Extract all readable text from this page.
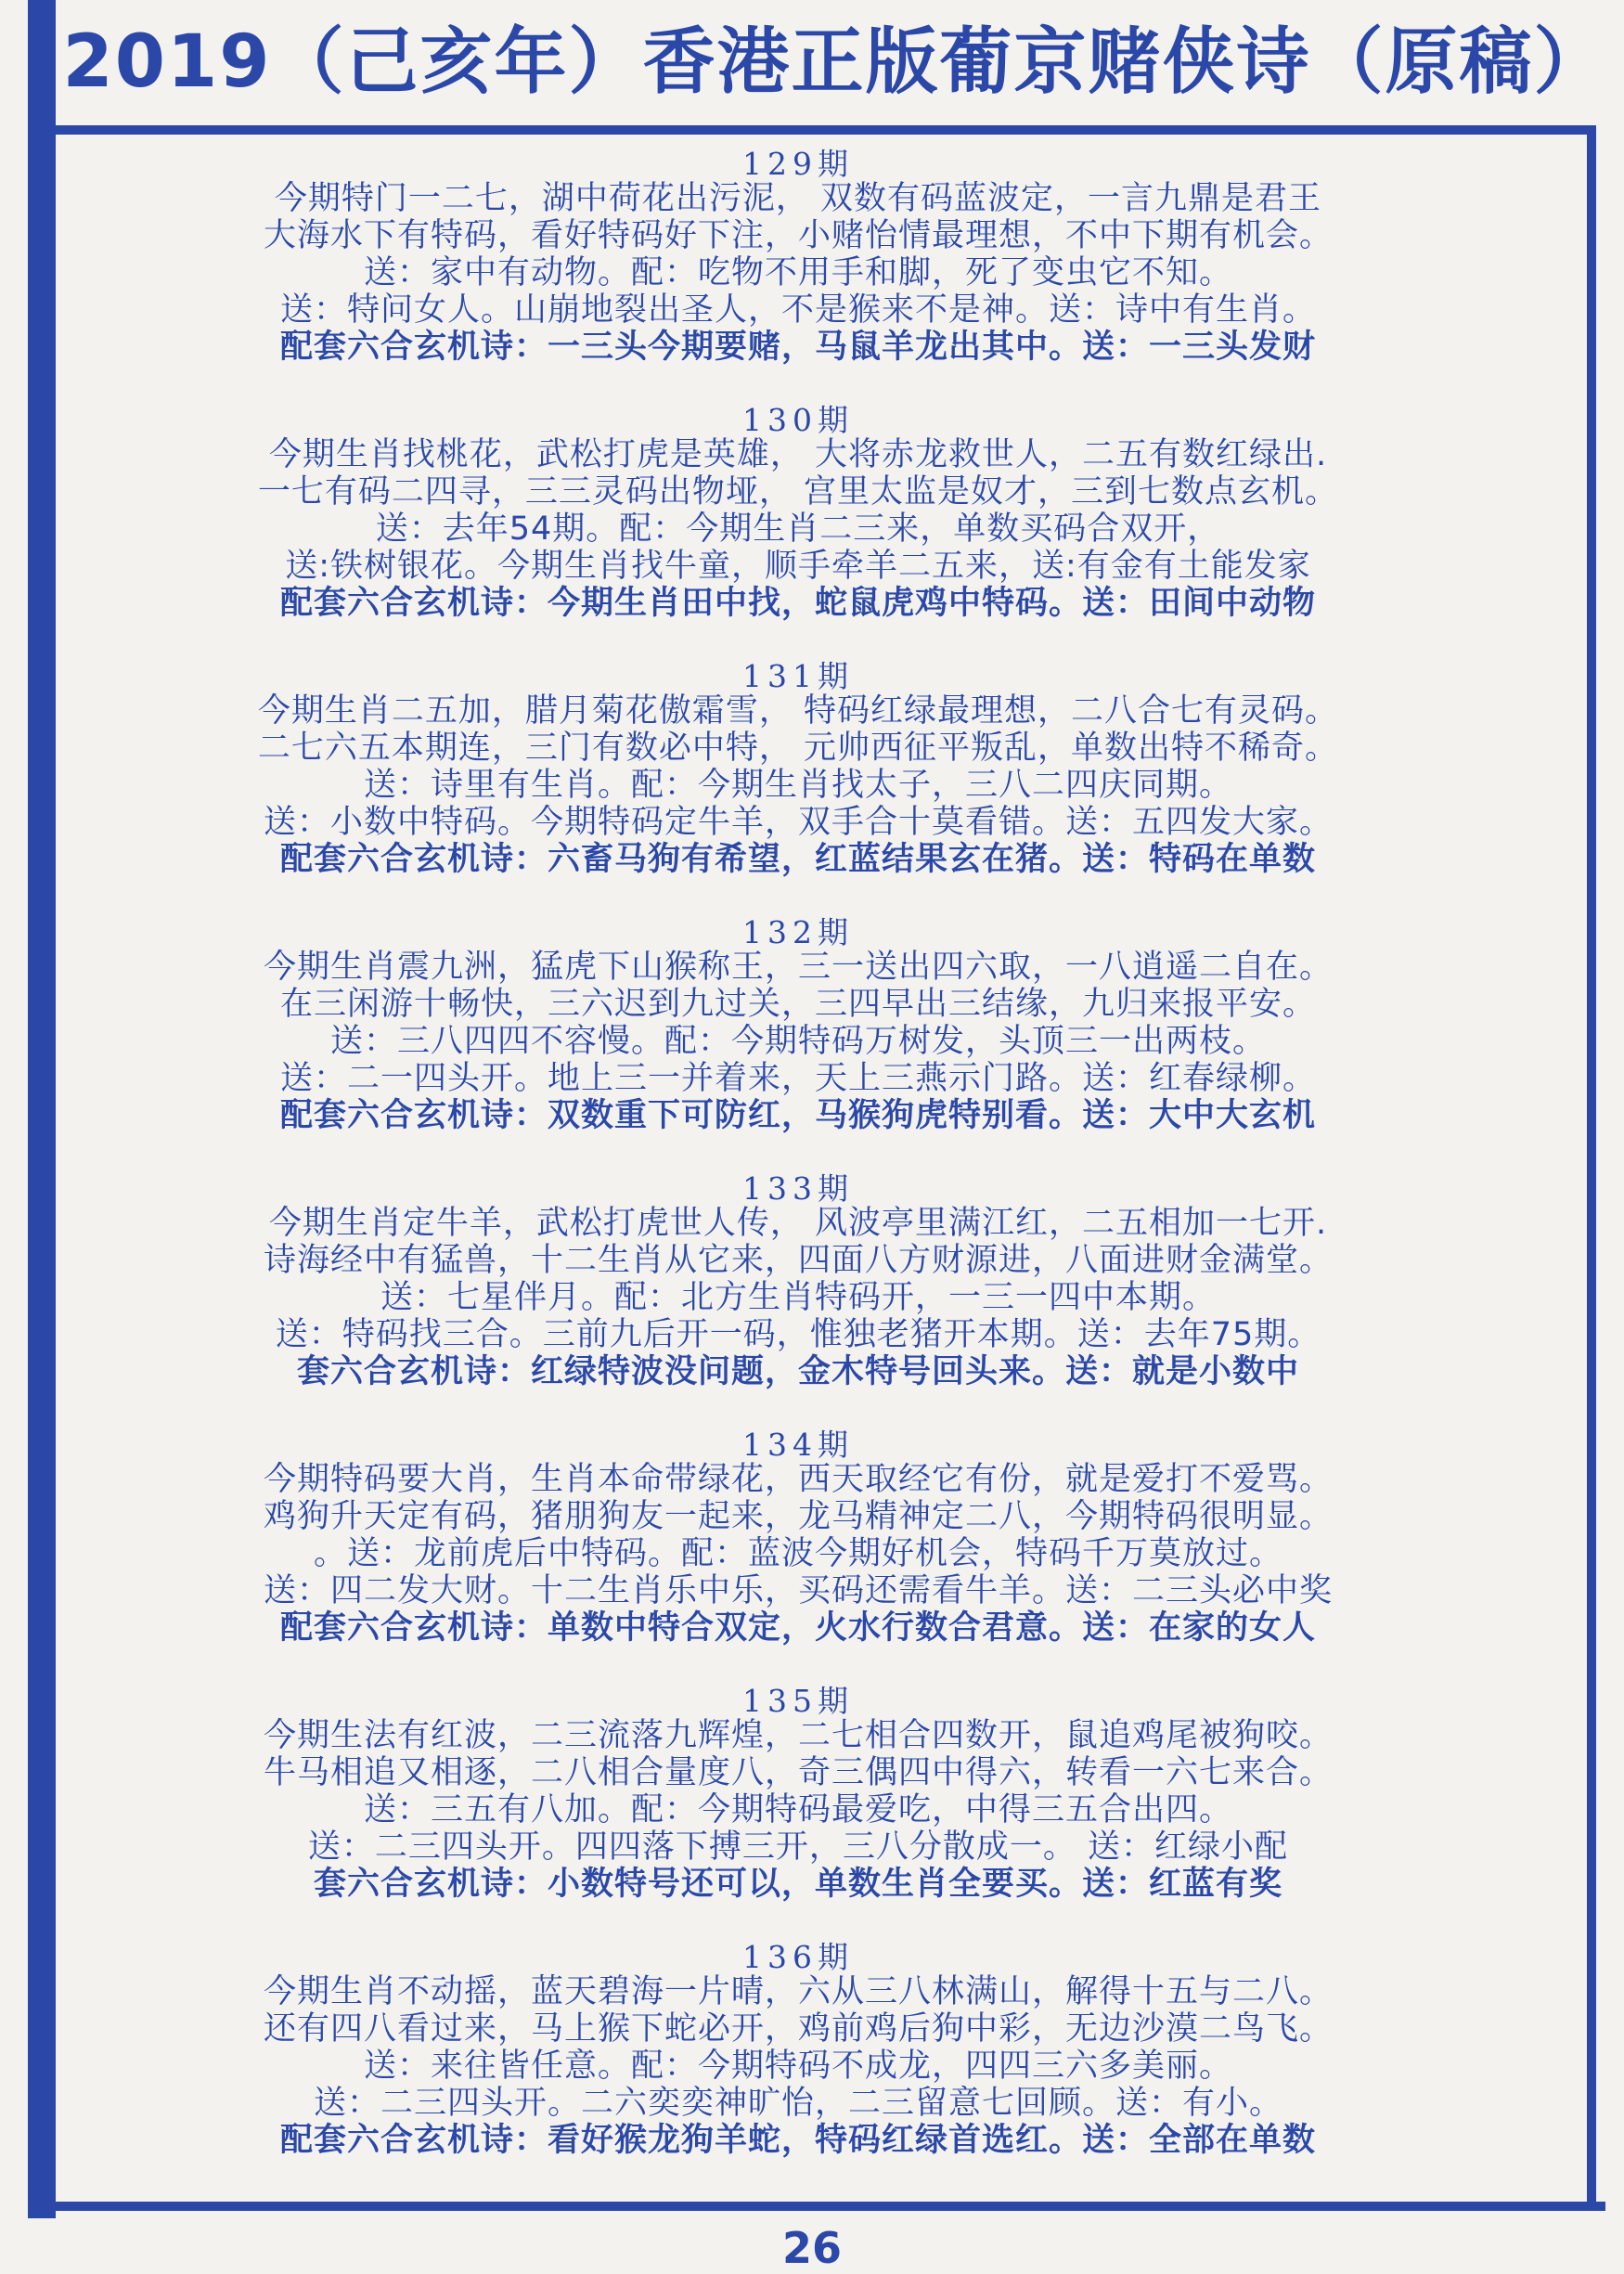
2019（己亥年）香港正版葡京赌侠诗（原稿）
129期
今期特门一二七，湖中荷花出污泥， 双数有码蓝波定，一言九鼎是君王
大海水下有特码，看好特码好下注，小赌怡情最理想，不中下期有机会。
送：家中有动物。配：吃物不用手和脚，死了变虫它不知。
送：特问女人。山崩地裂出圣人，不是猴来不是神。送：诗中有生肖。
配套六合玄机诗：一三头今期要赌，马鼠羊龙出其中。送：一三头发财
130期
今期生肖找桃花，武松打虎是英雄， 大将赤龙救世人，二五有数红绿出.
一七有码二四寻，三三灵码出物垭， 宫里太监是奴才，三到七数点玄机。
送：去年54期。配：今期生肖二三来，单数买码合双开，
送:铁树银花。今期生肖找牛童，顺手牵羊二五来，送:有金有土能发家
配套六合玄机诗：今期生肖田中找，蛇鼠虎鸡中特码。送：田间中动物
131期
今期生肖二五加，腊月菊花傲霜雪， 特码红绿最理想，二八合七有灵码。
二七六五本期连，三门有数必中特， 元帅西征平叛乱，单数出特不稀奇。
送：诗里有生肖。配：今期生肖找太子，三八二四庆同期。
送：小数中特码。今期特码定牛羊，双手合十莫看错。送：五四发大家。
配套六合玄机诗：六畜马狗有希望，红蓝结果玄在猪。送：特码在单数
132期
今期生肖震九洲，猛虎下山猴称王，三一送出四六取，一八逍遥二自在。
在三闲游十畅快，三六迟到九过关，三四早出三结缘，九归来报平安。
送：三八四四不容慢。配：今期特码万树发，头顶三一出两枝。
送：二一四头开。地上三一并着来，天上三燕示门路。送：红春绿柳。
配套六合玄机诗：双数重下可防红，马猴狗虎特别看。送：大中大玄机
133期
今期生肖定牛羊，武松打虎世人传， 风波亭里满江红，二五相加一七开.
诗海经中有猛兽，十二生肖从它来，四面八方财源进，八面进财金满堂。
送：七星伴月。配：北方生肖特码开，一三一四中本期。
送：特码找三合。三前九后开一码，惟独老猪开本期。送：去年75期。
套六合玄机诗：红绿特波没问题，金木特号回头来。送：就是小数中
134期
今期特码要大肖，生肖本命带绿花，西天取经它有份，就是爱打不爱骂。
鸡狗升天定有码，猪朋狗友一起来，龙马精神定二八，今期特码很明显。
。送：龙前虎后中特码。配：蓝波今期好机会，特码千万莫放过。
送：四二发大财。十二生肖乐中乐，买码还需看牛羊。送：二三头必中奖
配套六合玄机诗：单数中特合双定，火水行数合君意。送：在家的女人
135期
今期生法有红波，二三流落九辉煌，二七相合四数开，鼠追鸡尾被狗咬。
牛马相追又相逐，二八相合量度八，奇三偶四中得六，转看一六七来合。
送：三五有八加。配：今期特码最爱吃，中得三五合出四。
送：二三四头开。四四落下搏三开，三八分散成一。 送：红绿小配
套六合玄机诗：小数特号还可以，单数生肖全要买。送：红蓝有奖
136期
今期生肖不动摇，蓝天碧海一片晴，六从三八林满山，解得十五与二八。
还有四八看过来，马上猴下蛇必开，鸡前鸡后狗中彩，无边沙漠二鸟飞。
送：来往皆任意。配：今期特码不成龙，四四三六多美丽。
送：二三四头开。二六奕奕神旷怡，二三留意七回顾。送：有小。
配套六合玄机诗：看好猴龙狗羊蛇，特码红绿首选红。送：全部在单数
26
